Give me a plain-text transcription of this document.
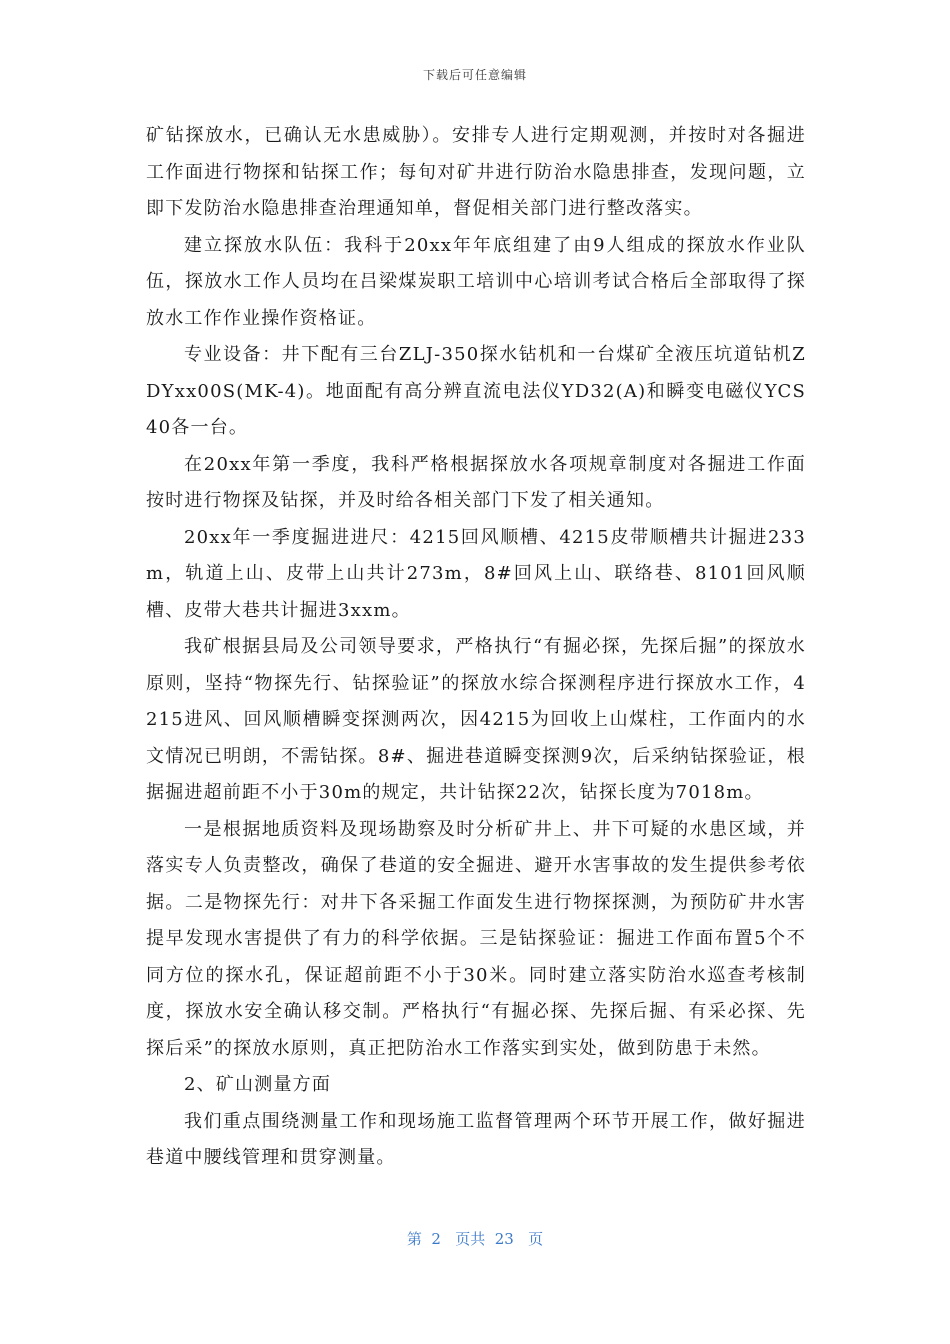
下载后可任意编辑

矿钻探放水，已确认无水患威胁）。安排专人进行定期观测，并按时对各掘进工作面进行物探和钻探工作；每旬对矿井进行防治水隐患排查，发现问题，立即下发防治水隐患排查治理通知单，督促相关部门进行整改落实。

建立探放水队伍：我科于20xx年年底组建了由9人组成的探放水作业队伍，探放水工作人员均在吕梁煤炭职工培训中心培训考试合格后全部取得了探放水工作作业操作资格证。

专业设备：井下配有三台ZLJ-350探水钻机和一台煤矿全液压坑道钻机ZDYxx00S(MK-4)。地面配有高分辨直流电法仪YD32(A)和瞬变电磁仪YCS40各一台。

在20xx年第一季度，我科严格根据探放水各项规章制度对各掘进工作面按时进行物探及钻探，并及时给各相关部门下发了相关通知。

20xx年一季度掘进进尺：4215回风顺槽、4215皮带顺槽共计掘进233m，轨道上山、皮带上山共计273m，8#回风上山、联络巷、8101回风顺槽、皮带大巷共计掘进3xxm。

我矿根据县局及公司领导要求，严格执行“有掘必探，先探后掘”的探放水原则，坚持“物探先行、钻探验证”的探放水综合探测程序进行探放水工作，4215进风、回风顺槽瞬变探测两次，因4215为回收上山煤柱，工作面内的水文情况已明朗，不需钻探。8#、掘进巷道瞬变探测9次，后采纳钻探验证，根据掘进超前距不小于30m的规定，共计钻探22次，钻探长度为7018m。

一是根据地质资料及现场勘察及时分析矿井上、井下可疑的水患区域，并落实专人负责整改，确保了巷道的安全掘进、避开水害事故的发生提供参考依据。二是物探先行：对井下各采掘工作面发生进行物探探测，为预防矿井水害提早发现水害提供了有力的科学依据。三是钻探验证：掘进工作面布置5个不同方位的探水孔，保证超前距不小于30米。同时建立落实防治水巡查考核制度，探放水安全确认移交制。严格执行“有掘必探、先探后掘、有采必探、先探后采”的探放水原则，真正把防治水工作落实到实处，做到防患于未然。

2、矿山测量方面

我们重点围绕测量工作和现场施工监督管理两个环节开展工作，做好掘进巷道中腰线管理和贯穿测量。

第  2   页共  23   页
